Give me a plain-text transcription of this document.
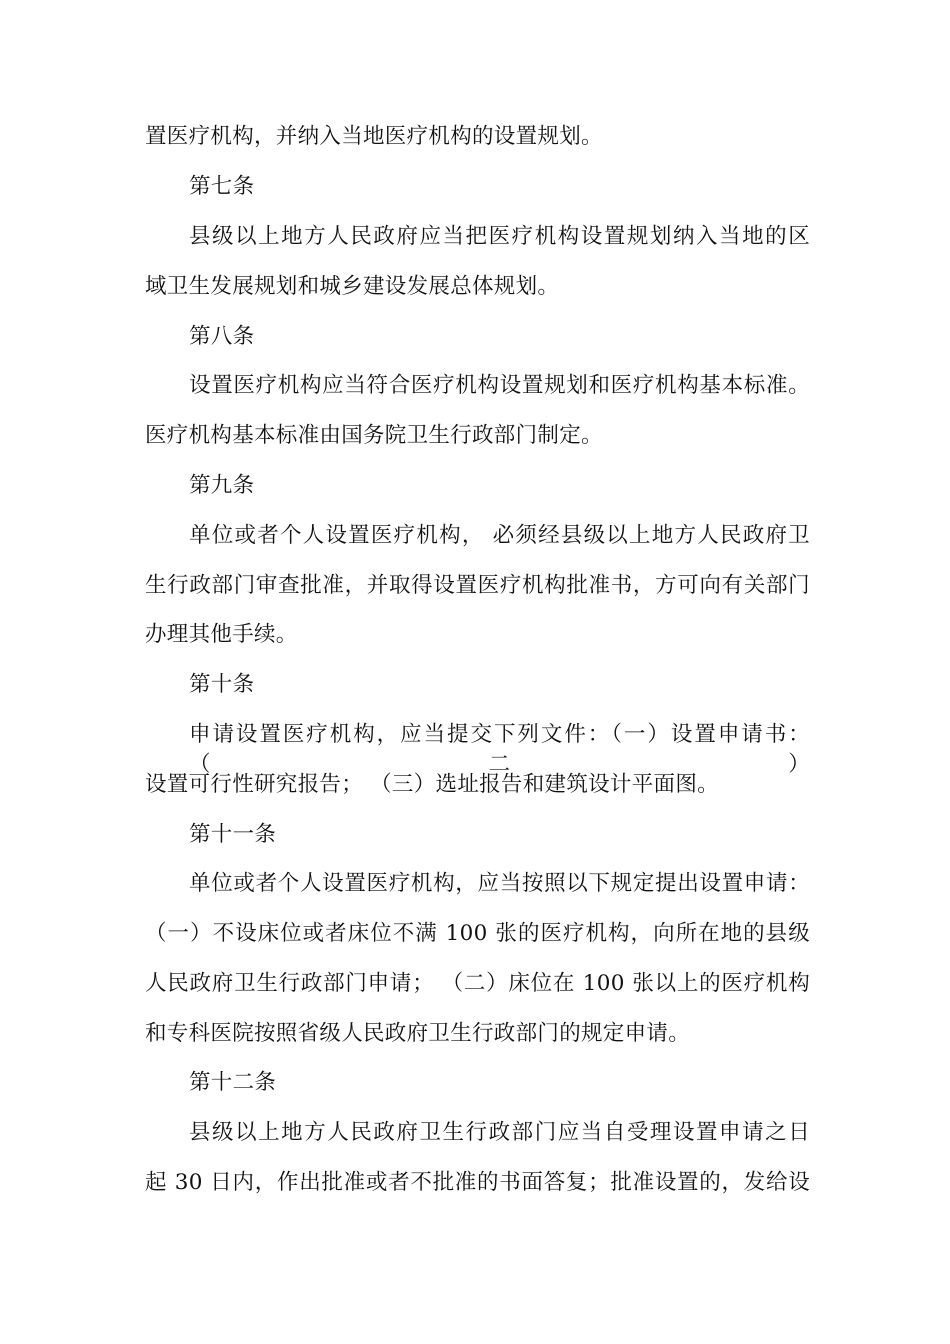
置医疗机构，并纳入当地医疗机构的设置规划。
第七条
县级以上地方人民政府应当把医疗机构设置规划纳入当地的区
域卫生发展规划和城乡建设发展总体规划。
第八条
设置医疗机构应当符合医疗机构设置规划和医疗机构基本标准。
医疗机构基本标准由国务院卫生行政部门制定。
第九条
单位或者个人设置医疗机构， 必须经县级以上地方人民政府卫
生行政部门审查批准，并取得设置医疗机构批准书，方可向有关部门
办理其他手续。
第十条
申请设置医疗机构，应当提交下列文件：（一）设置申请书：（二）
设置可行性研究报告； （三）选址报告和建筑设计平面图。
第十一条
单位或者个人设置医疗机构，应当按照以下规定提出设置申请：
（一）不设床位或者床位不满 100 张的医疗机构，向所在地的县级
人民政府卫生行政部门申请； （二）床位在 100 张以上的医疗机构
和专科医院按照省级人民政府卫生行政部门的规定申请。
第十二条
县级以上地方人民政府卫生行政部门应当自受理设置申请之日
起 30 日内，作出批准或者不批准的书面答复；批准设置的，发给设
